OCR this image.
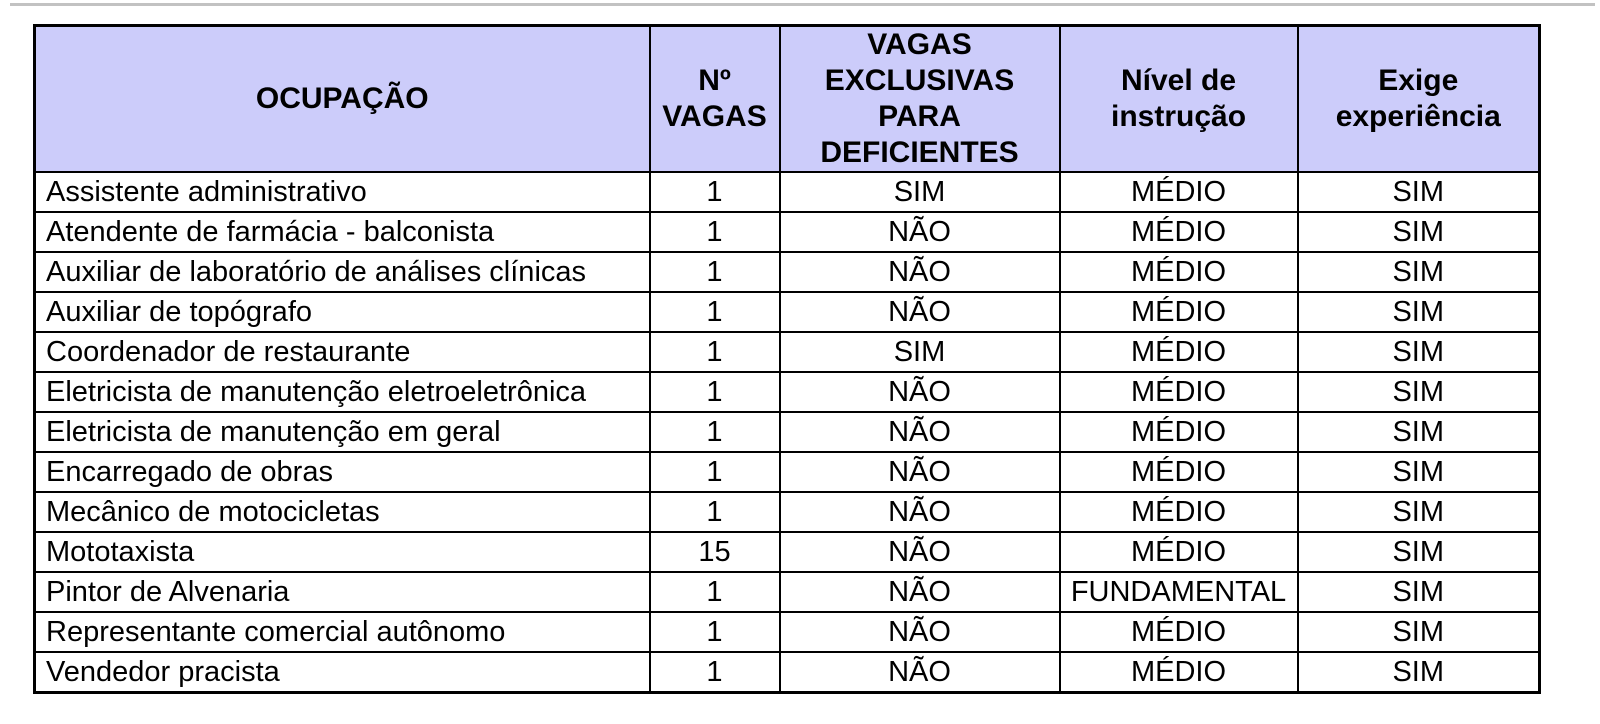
OCUPAÇÃO	Nº VAGAS	VAGAS EXCLUSIVAS PARA DEFICIENTES	Nível de instrução	Exige experiência
Assistente administrativo	1	SIM	MÉDIO	SIM
Atendente de farmácia - balconista	1	NÃO	MÉDIO	SIM
Auxiliar de laboratório de análises clínicas	1	NÃO	MÉDIO	SIM
Auxiliar de topógrafo	1	NÃO	MÉDIO	SIM
Coordenador de restaurante	1	SIM	MÉDIO	SIM
Eletricista de manutenção eletroeletrônica	1	NÃO	MÉDIO	SIM
Eletricista de manutenção em geral	1	NÃO	MÉDIO	SIM
Encarregado de obras	1	NÃO	MÉDIO	SIM
Mecânico de motocicletas	1	NÃO	MÉDIO	SIM
Mototaxista	15	NÃO	MÉDIO	SIM
Pintor de Alvenaria	1	NÃO	FUNDAMENTAL	SIM
Representante comercial autônomo	1	NÃO	MÉDIO	SIM
Vendedor pracista	1	NÃO	MÉDIO	SIM
